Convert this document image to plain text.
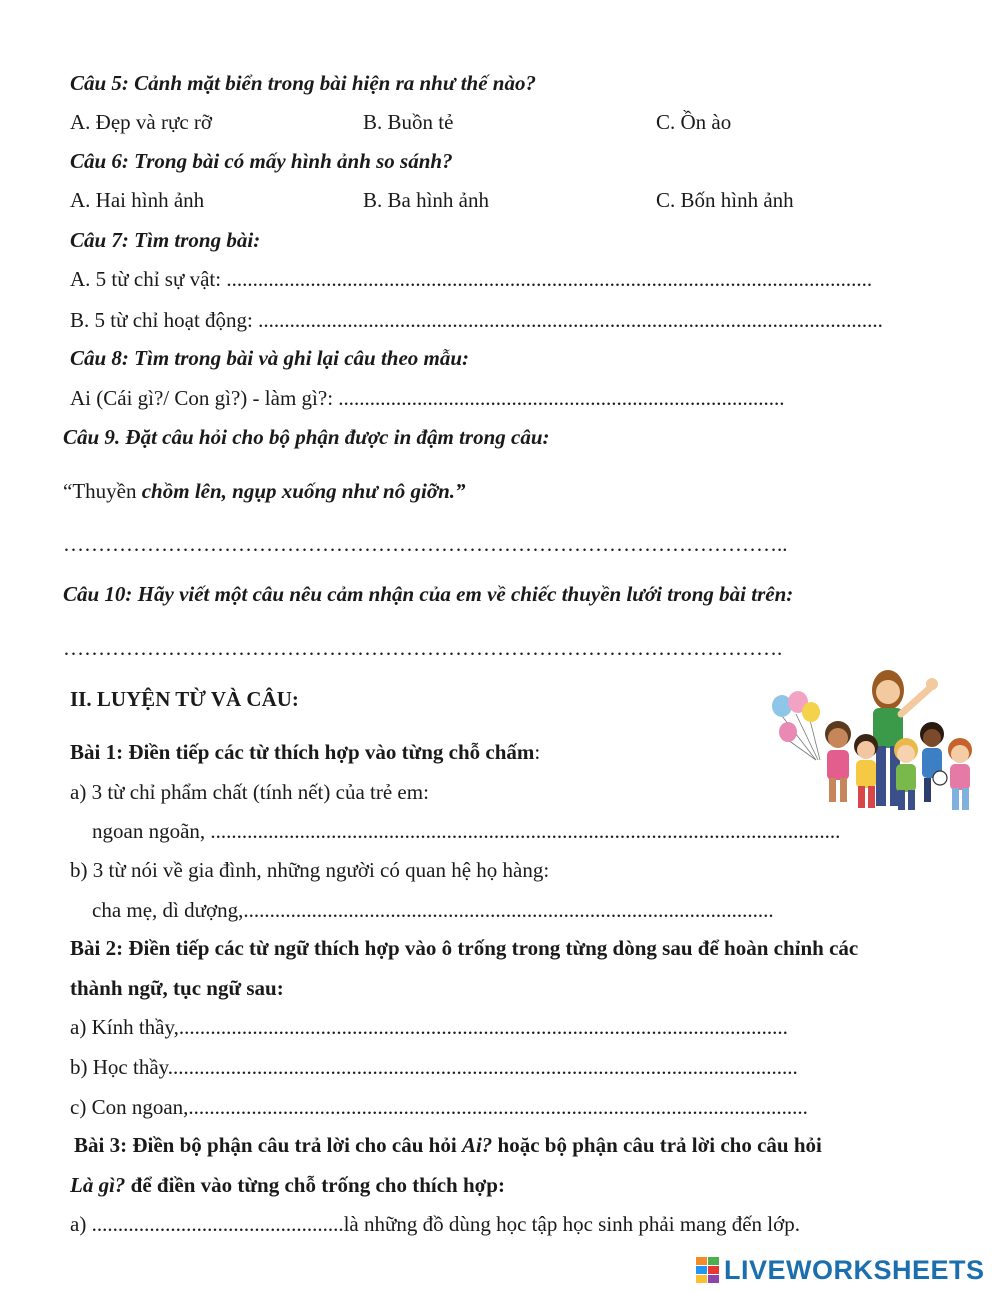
Câu 5: Cảnh mặt biển trong bài hiện ra như thế nào?
A. Đẹp và rực rỡ	B. Buồn tẻ	C. Ồn ào
Câu 6: Trong bài có mấy hình ảnh so sánh?
A. Hai hình ảnh	B. Ba hình ảnh	C. Bốn hình ảnh
Câu 7: Tìm trong bài:
A. 5 từ chỉ sự vật: ...........................................................................................................................
B. 5 từ chỉ hoạt động: .......................................................................................................................
Câu 8: Tìm trong bài và ghi lại câu theo mẫu:
Ai (Cái gì?/ Con gì?) - làm gì?: .....................................................................................
Câu 9. Đặt câu hỏi cho bộ phận được in đậm trong câu:
“Thuyền chồm lên, ngụp xuống như nô giỡn.”
…………………………………………………………………………………………..
Câu 10: Hãy viết một câu nêu cảm nhận của em về chiếc thuyền lưới trong bài trên:
………………………………………………………………………………………….
II. LUYỆN TỪ VÀ CÂU:
Bài 1: Điền tiếp các từ thích hợp vào từng chỗ chấm:
a) 3 từ chỉ phẩm chất (tính nết) của trẻ em:
ngoan ngoãn, ........................................................................................................................
b) 3 từ nói về gia đình, những người có quan hệ họ hàng:
cha mẹ, dì dượng,.....................................................................................................
Bài 2: Điền tiếp các từ ngữ thích hợp vào ô trống trong từng dòng sau để hoàn chỉnh các
thành ngữ, tục ngữ sau:
a) Kính thầy,....................................................................................................................
b) Học thầy........................................................................................................................
c) Con ngoan,......................................................................................................................
Bài 3: Điền bộ phận câu trả lời cho câu hỏi Ai? hoặc bộ phận câu trả lời cho câu hỏi
Là gì? để điền vào từng chỗ trống cho thích hợp:
a) ................................................là những đồ dùng học tập học sinh phải mang đến lớp.
LIVEWORKSHEETS
